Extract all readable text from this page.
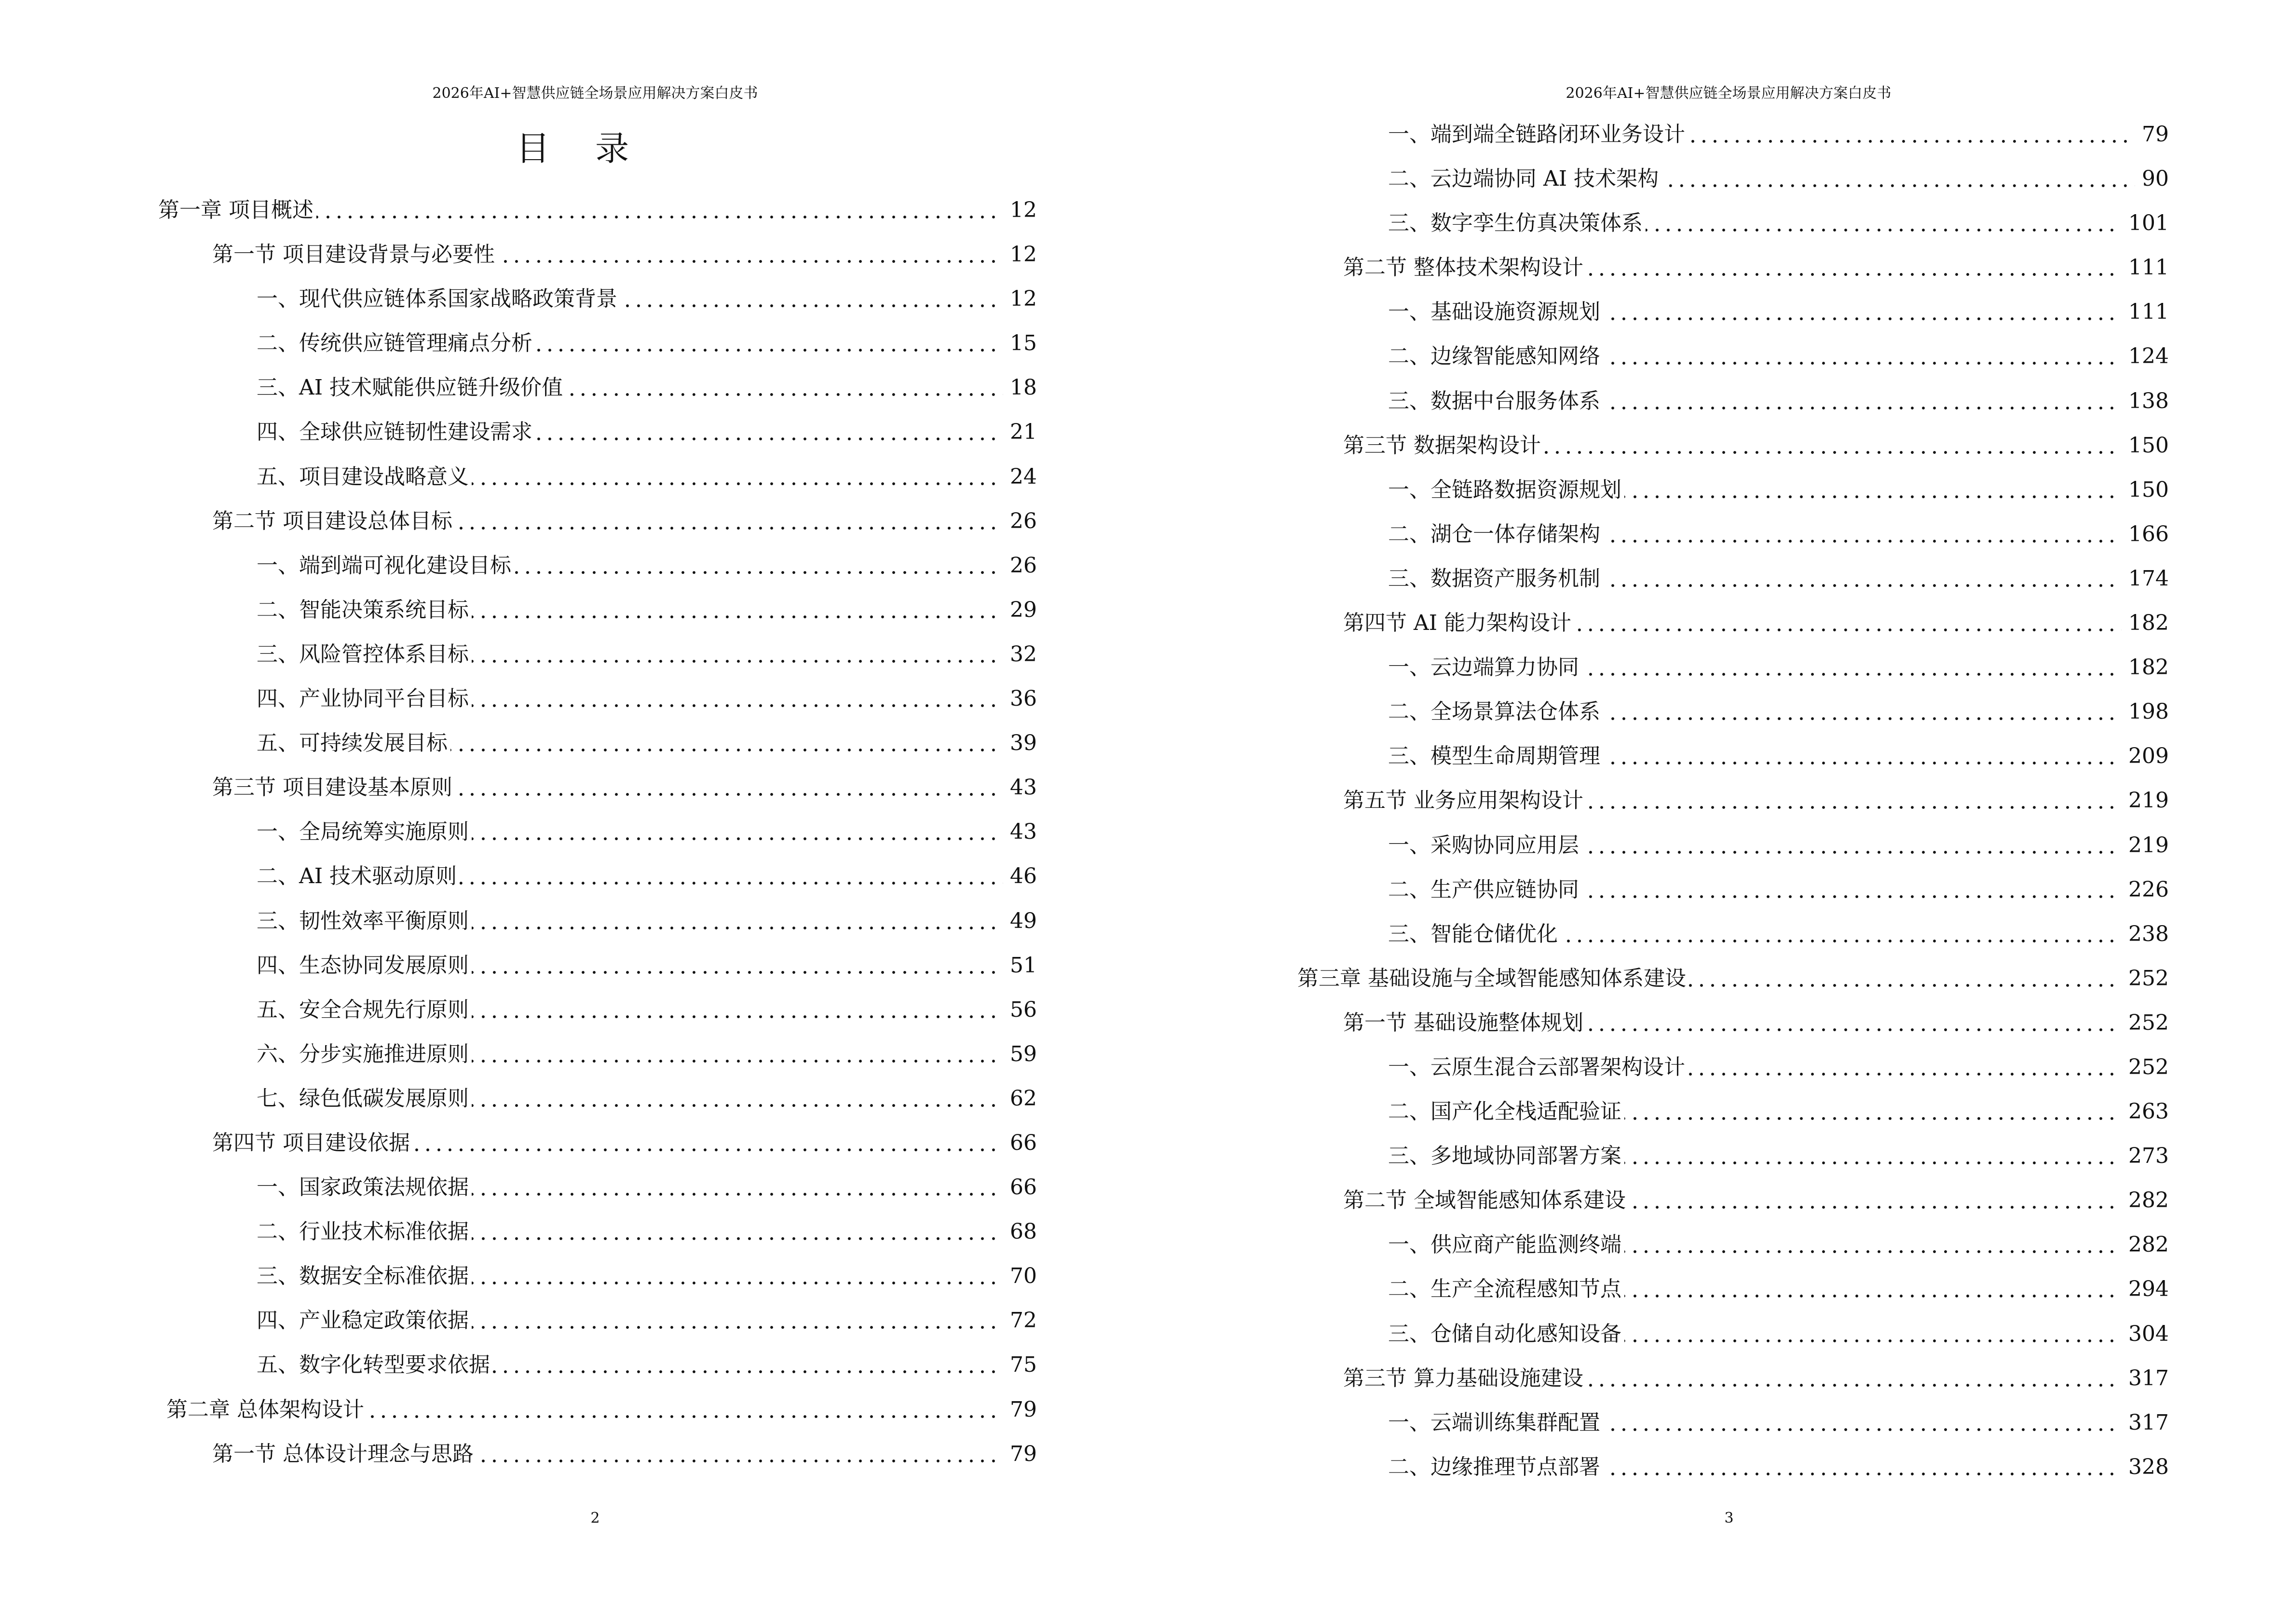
2026年AI+智慧供应链全场景应用解决方案白皮书
目 录
第一章 项目概述	12
第一节 项目建设背景与必要性	12
一、现代供应链体系国家战略政策背景	12
二、传统供应链管理痛点分析	15
三、AI 技术赋能供应链升级价值	18
四、全球供应链韧性建设需求	21
五、项目建设战略意义	24
第二节 项目建设总体目标	26
一、端到端可视化建设目标	26
二、智能决策系统目标	29
三、风险管控体系目标	32
四、产业协同平台目标	36
五、可持续发展目标	39
第三节 项目建设基本原则	43
一、全局统筹实施原则	43
二、AI 技术驱动原则	46
三、韧性效率平衡原则	49
四、生态协同发展原则	51
五、安全合规先行原则	56
六、分步实施推进原则	59
七、绿色低碳发展原则	62
第四节 项目建设依据	66
一、国家政策法规依据	66
二、行业技术标准依据	68
三、数据安全标准依据	70
四、产业稳定政策依据	72
五、数字化转型要求依据	75
第二章 总体架构设计	79
第一节 总体设计理念与思路	79
2
2026年AI+智慧供应链全场景应用解决方案白皮书
一、端到端全链路闭环业务设计	79
二、云边端协同 AI 技术架构	90
三、数字孪生仿真决策体系	101
第二节 整体技术架构设计	111
一、基础设施资源规划	111
二、边缘智能感知网络	124
三、数据中台服务体系	138
第三节 数据架构设计	150
一、全链路数据资源规划	150
二、湖仓一体存储架构	166
三、数据资产服务机制	174
第四节 AI 能力架构设计	182
一、云边端算力协同	182
二、全场景算法仓体系	198
三、模型生命周期管理	209
第五节 业务应用架构设计	219
一、采购协同应用层	219
二、生产供应链协同	226
三、智能仓储优化	238
第三章 基础设施与全域智能感知体系建设	252
第一节 基础设施整体规划	252
一、云原生混合云部署架构设计	252
二、国产化全栈适配验证	263
三、多地域协同部署方案	273
第二节 全域智能感知体系建设	282
一、供应商产能监测终端	282
二、生产全流程感知节点	294
三、仓储自动化感知设备	304
第三节 算力基础设施建设	317
一、云端训练集群配置	317
二、边缘推理节点部署	328
3
